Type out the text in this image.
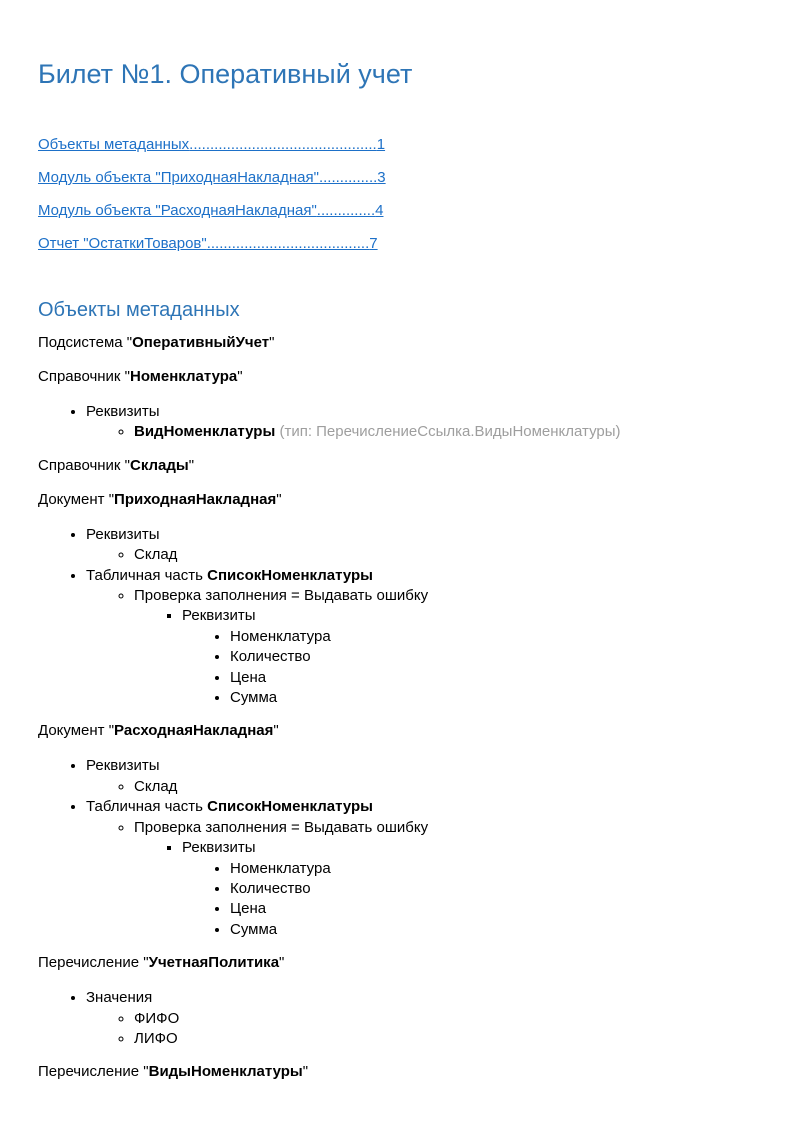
Билет №1. Оперативный учет

Объекты метаданных.............................................1

Модуль объекта "ПриходнаяНакладная"..............3

Модуль объекта "РасходнаяНакладная"..............4

Отчет "ОстаткиТоваров".......................................7

Объекты метаданных

Подсистема "ОперативныйУчет"

Справочник "Номенклатура"

• Реквизиты
◦ ВидНоменклатуры (тип: ПеречислениеСсылка.ВидыНоменклатуры)

Справочник "Склады"

Документ "ПриходнаяНакладная"

• Реквизиты
◦ Склад
• Табличная часть СписокНоменклатуры
◦ Проверка заполнения = Выдавать ошибку
▪ Реквизиты
• Номенклатура
• Количество
• Цена
• Сумма

Документ "РасходнаяНакладная"

• Реквизиты
◦ Склад
• Табличная часть СписокНоменклатуры
◦ Проверка заполнения = Выдавать ошибку
▪ Реквизиты
• Номенклатура
• Количество
• Цена
• Сумма

Перечисление "УчетнаяПолитика"

• Значения
◦ ФИФО
◦ ЛИФО

Перечисление "ВидыНоменклатуры"
